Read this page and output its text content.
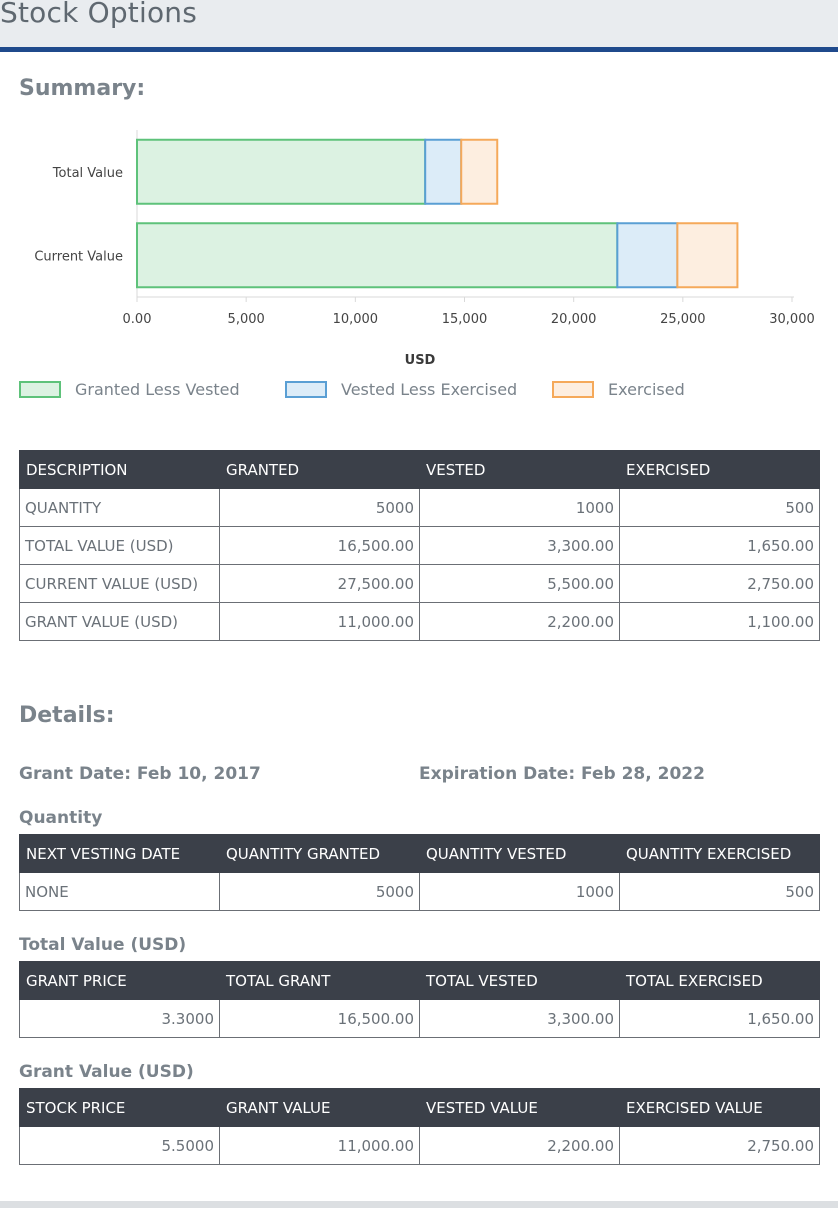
Stock Options
Summary:
Total Value
Current Value
0.00	5,000	10,000	15,000	20,000	25,000	30,000
USD
Granted Less Vested	Vested Less Exercised	Exercised
DESCRIPTION	GRANTED	VESTED	EXERCISED
QUANTITY	5000	1000	500
TOTAL VALUE (USD)	16,500.00	3,300.00	1,650.00
CURRENT VALUE (USD)	27,500.00	5,500.00	2,750.00
GRANT VALUE (USD)	11,000.00	2,200.00	1,100.00
Details:
Grant Date: Feb 10, 2017	Expiration Date: Feb 28, 2022
Quantity
NEXT VESTING DATE	QUANTITY GRANTED	QUANTITY VESTED	QUANTITY EXERCISED
NONE	5000	1000	500
Total Value (USD)
GRANT PRICE	TOTAL GRANT	TOTAL VESTED	TOTAL EXERCISED
3.3000	16,500.00	3,300.00	1,650.00
Grant Value (USD)
STOCK PRICE	GRANT VALUE	VESTED VALUE	EXERCISED VALUE
5.5000	11,000.00	2,200.00	2,750.00
